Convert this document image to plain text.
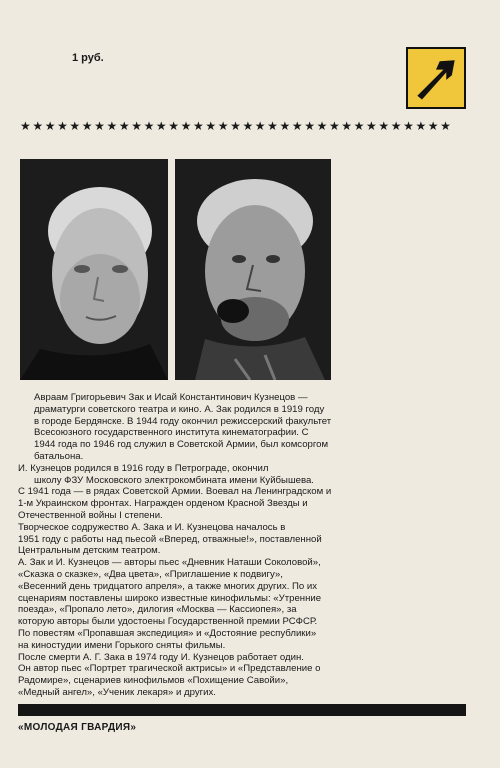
1 руб.
★★★★★★★★★★★★★★★★★★★★★★★★★★★★★★★★★★★

Авраам Григорьевич Зак и Исай Константинович Кузнецов —

драматурги советского театра и кино. А. Зак родился в 1919 году

в городе Бердянске. В 1944 году окончил режиссерский факультет

Всесоюзного государственного института кинематографии. С

1944 года по 1946 год служил в Советской Армии, был комсоргом

батальона.

И. Кузнецов родился в 1916 году в Петрограде, окончил

школу ФЗУ Московского электрокомбината имени Куйбышева.

С 1941 года — в рядах Советской Армии. Воевал на Ленинградском и

1-м Украинском фронтах. Награжден орденом Красной Звезды и

Отечественной войны I степени.

Творческое содружество А. Зака и И. Кузнецова началось в

1951 году с работы над пьесой «Вперед, отважные!», поставленной

Центральным детским театром.

А. Зак и И. Кузнецов — авторы пьес «Дневник Наташи Соколовой»,

«Сказка о сказке», «Два цвета», «Приглашение к подвигу»,

«Весенний день тридцатого апреля», а также многих других. По их

сценариям поставлены широко известные кинофильмы: «Утренние

поезда», «Пропало лето», дилогия «Москва — Кассиопея», за

которую авторы были удостоены Государственной премии РСФСР.

По повестям «Пропавшая экспедиция» и «Достояние республики»

на киностудии имени Горького сняты фильмы.

После смерти А. Г. Зака в 1974 году И. Кузнецов работает один.

Он автор пьес «Портрет трагической актрисы» и «Представление о

Радомире», сценариев кинофильмов «Похищение Савойи»,

«Медный ангел», «Ученик лекаря» и других.

«МОЛОДАЯ ГВАРДИЯ»
